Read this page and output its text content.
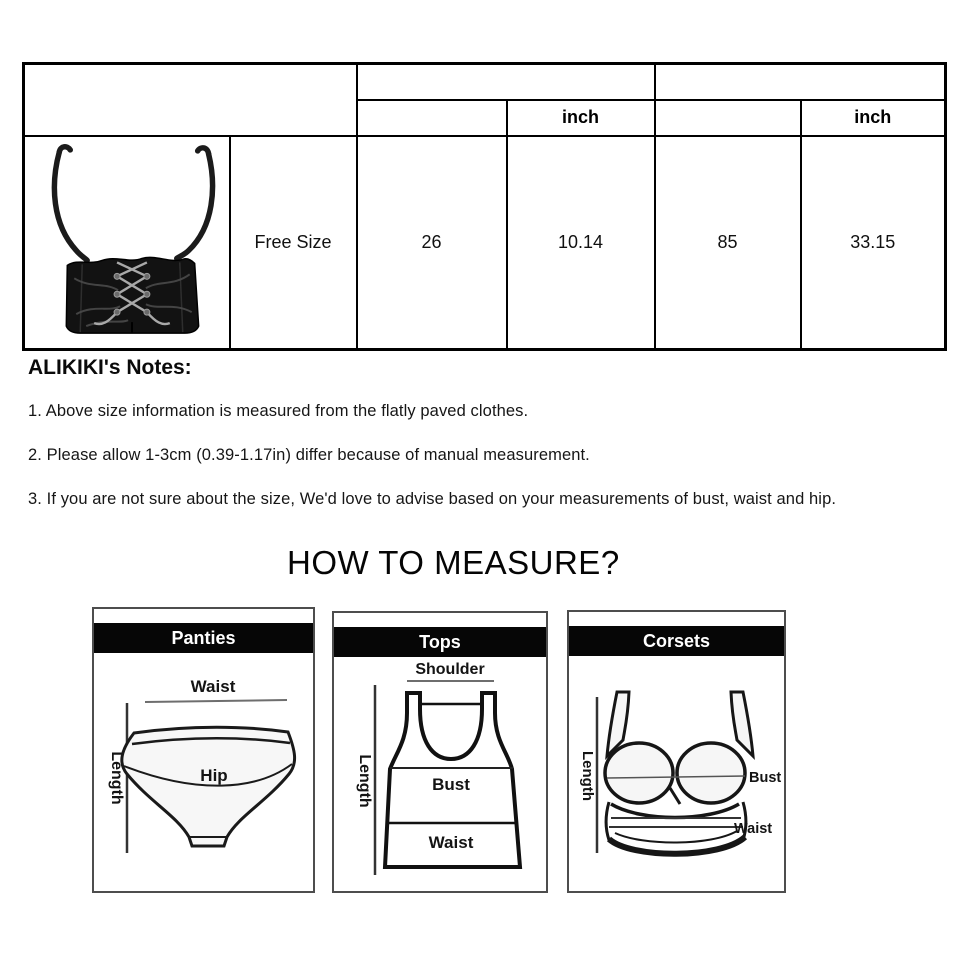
Model No. 00946		Length		Waist	
		cm	inch	cm	inch

	Free Size	26	10.14	85	33.15
ALIKIKI's Notes:
1. Above size information is measured from the flatly paved clothes.
2. Please allow 1-3cm (0.39-1.17in) differ because of manual measurement.
3. If you are not sure about the size, We'd love to advise based on your measurements of bust, waist and hip.
HOW TO MEASURE?
Panties
Waist
Length	Hip
Tops
Shoulder
Length	Bust
Waist
Corsets
Length	Bust
Waist
